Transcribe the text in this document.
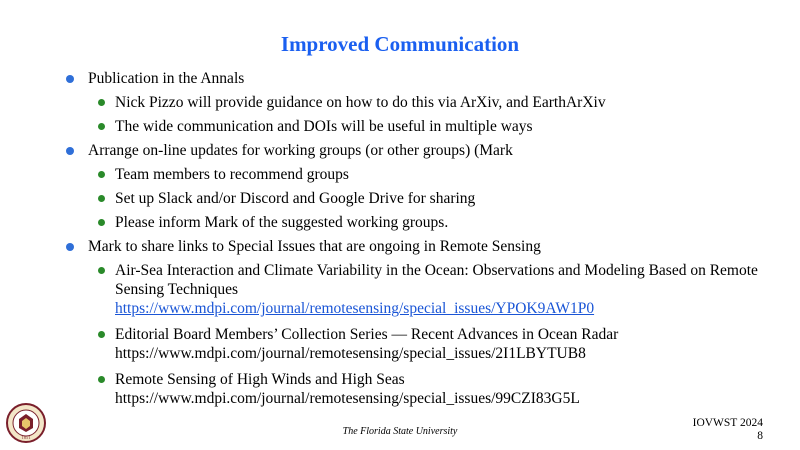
Improved Communication
Publication in the Annals
Nick Pizzo will provide guidance on how to do this via ArXiv, and EarthArXiv
The wide communication and DOIs will be useful in multiple ways
Arrange on-line updates for working groups (or other groups) (Mark
Team members to recommend groups
Set up Slack and/or Discord and Google Drive for sharing
Please inform Mark of the suggested working groups.
Mark to share links to Special Issues that are ongoing in Remote Sensing
Air-Sea Interaction and Climate Variability in the Ocean: Observations and Modeling Based on Remote Sensing Techniques
https://www.mdpi.com/journal/remotesensing/special_issues/YPOK9AW1P0
Editorial Board Members’ Collection Series — Recent Advances in Ocean Radar
https://www.mdpi.com/journal/remotesensing/special_issues/2I1LBYTUB8
Remote Sensing of High Winds and High Seas
https://www.mdpi.com/journal/remotesensing/special_issues/99CZI83G5L
1851
The Florida State University
IOVWST 2024
8
